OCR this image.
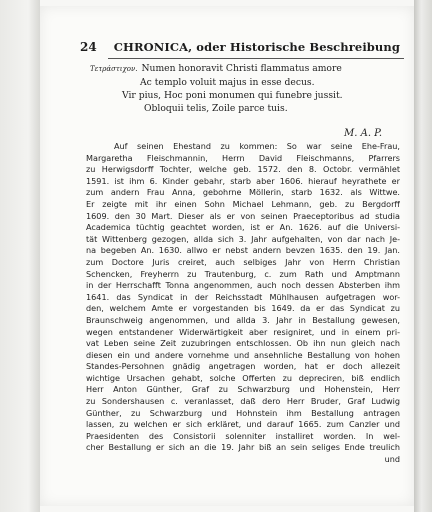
24	CHRONICA, oder Historische Beschreibung
Τετράστιχον. Numen honoravit Christi flammatus amore
Ac templo voluit majus in esse decus.
Vir pius, Hoc poni monumen qui funebre jussit.
Obloquii telis, Zoile parce tuis.
M. A. P.
Auf seinen Ehestand zu kommen: So war seine Ehe-Frau,
Margaretha Fleischmannin, Herrn David Fleischmanns, Pfarrers
zu Herwigsdorff Tochter, welche geb. 1572. den 8. Octobr. vermählet
1591. ist ihm 6. Kinder gebahr, starb aber 1606. hierauf heyrathete er
zum andern Frau Anna, gebohrne Möllerin, starb 1632. als Wittwe.
Er zeigte mit ihr einen Sohn Michael Lehmann, geb. zu Bergdorff
1609. den 30 Mart. Dieser als er von seinen Praeceptoribus ad studia
Academica tüchtig geachtet worden, ist er An. 1626. auf die Universi-
tät Wittenberg gezogen, allda sich 3. Jahr aufgehalten, von dar nach Je-
na begeben An. 1630. allwo er nebst andern bevzen 1635. den 19. Jan.
zum Doctore Juris creiret, auch selbiges Jahr von Herrn Christian
Schencken, Freyherrn zu Trautenburg, c. zum Rath und Amptmann
in der Herrschafft Tonna angenommen, auch noch dessen Absterben ihm
1641. das Syndicat in der Reichsstadt Mühlhausen aufgetragen wor-
den, welchem Amte er vorgestanden bis 1649. da er das Syndicat zu
Braunschweig angenommen, und allda 3. Jahr in Bestallung gewesen,
wegen entstandener Widerwärtigkeit aber resigniret, und in einem pri-
vat Leben seine Zeit zuzubringen entschlossen. Ob ihn nun gleich nach
diesen ein und andere vornehme und ansehnliche Bestallung von hohen
Standes-Persohnen gnädig angetragen worden, hat er doch allezeit
wichtige Ursachen gehabt, solche Offerten zu depreciren, biß endlich
Herr Anton Günther, Graf zu Schwarzburg und Hohenstein, Herr
zu Sondershausen c. veranlasset, daß dero Herr Bruder, Graf Ludwig
Günther, zu Schwarzburg und Hohnstein ihm Bestallung antragen
lassen, zu welchen er sich erkläret, und darauf 1665. zum Canzler und
Praesidenten des Consistorii solenniter installiret worden. In wel-
cher Bestallung er sich an die 19. Jahr biß an sein seliges Ende treulich
und
